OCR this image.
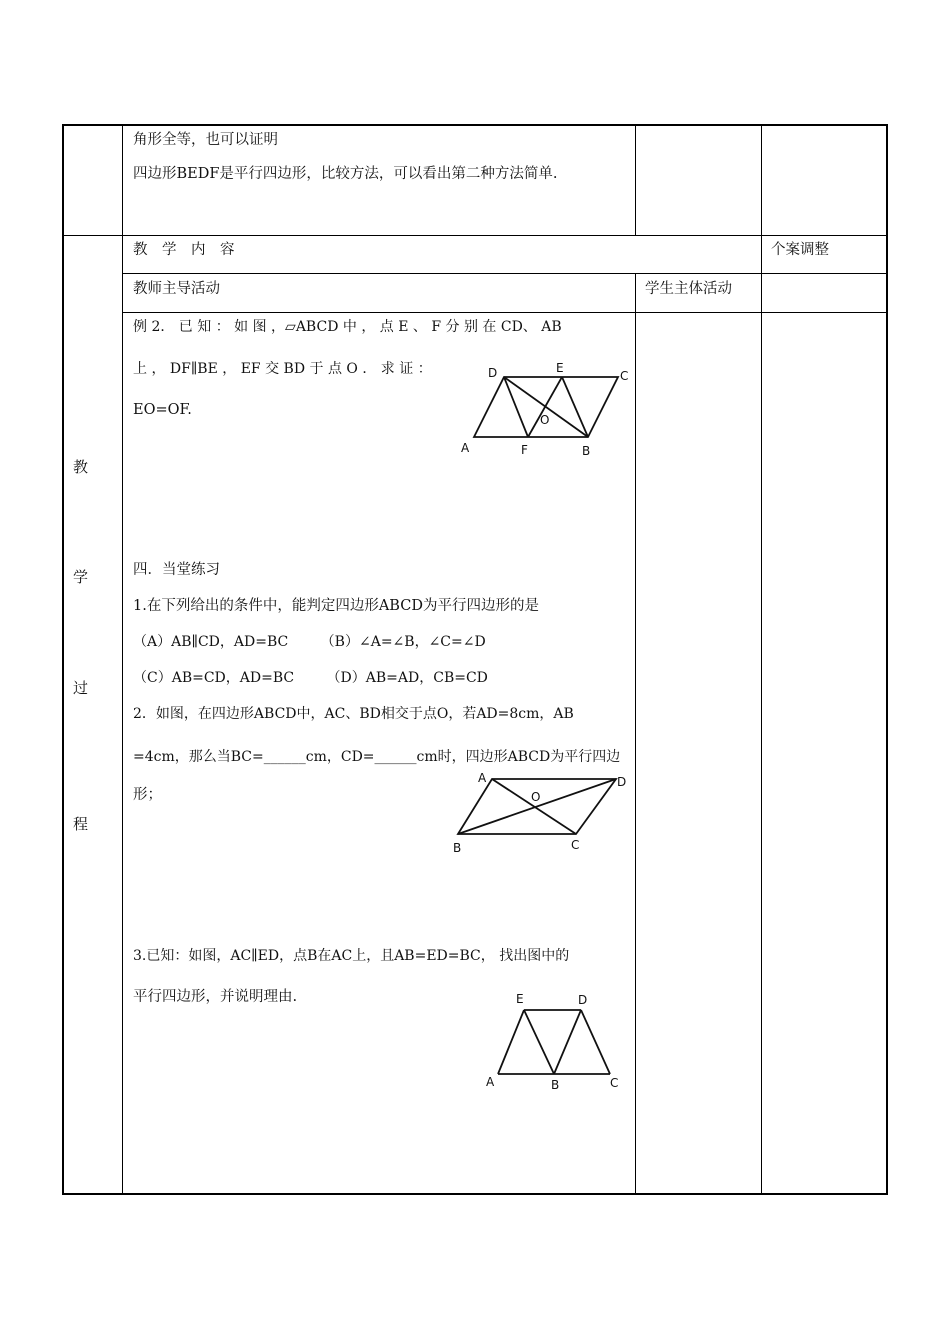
角形全等，也可以证明
四边形BEDF是平行四边形，比较方法，可以看出第二种方法简单.
教
学
过
程
教　学　内　容	个案调整
教师主导活动	学生主体活动
例 2． 已 知 ： 如 图 ，▱ABCD 中 ， 点 E 、 F 分 别 在 CD、 AB
上 ， DF∥BE ， EF 交 BD 于 点 O ． 求 证 ：
EO=OF.
D	E
C
O
A	F	B
四．当堂练习
1.在下列给出的条件中，能判定四边形ABCD为平行四边形的是
（A）AB∥CD，AD=BC　　 （B）∠A=∠B，∠C=∠D
（C）AB=CD，AD=BC　　 （D）AB=AD，CB=CD
2．如图，在四边形ABCD中，AC、BD相交于点O，若AD=8cm，AB
=4cm，那么当BC=______cm，CD=______cm时，四边形ABCD为平行四边
形；
A	D
O
B	C
3.已知：如图，AC∥ED，点B在AC上，且AB=ED=BC， 找出图中的
平行四边形，并说明理由.	E	D
A	B	C
